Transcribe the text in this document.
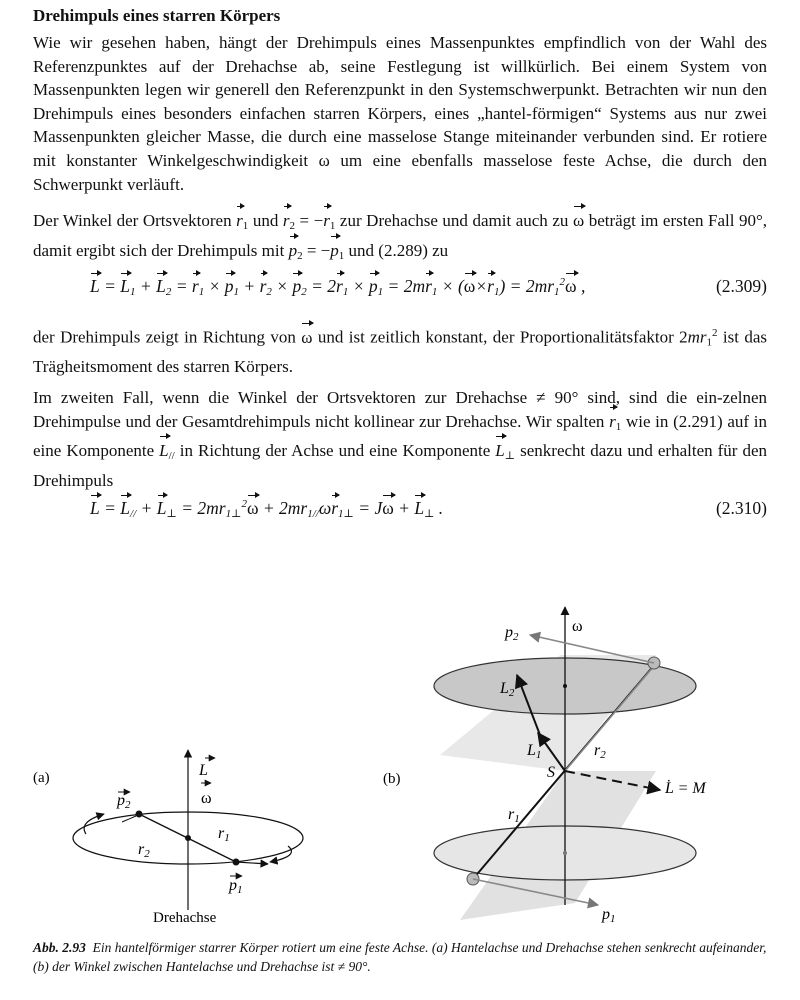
Drehimpuls eines starren Körpers
Wie wir gesehen haben, hängt der Drehimpuls eines Massenpunktes empfindlich von der Wahl des Referenzpunktes auf der Drehachse ab, seine Festlegung ist willkürlich. Bei einem System von Massenpunkten legen wir generell den Referenzpunkt in den Systemschwerpunkt. Betrachten wir nun den Drehimpuls eines besonders einfachen starren Körpers, eines „hantel-förmigen“ Systems aus nur zwei Massenpunkten gleicher Masse, die durch eine masselose Stange miteinander verbunden sind. Er rotiere mit konstanter Winkelgeschwindigkeit ω um eine ebenfalls masselose feste Achse, die durch den Schwerpunkt verläuft.
Der Winkel der Ortsvektoren $r_1$ und $r_2 = -r_1$ zur Drehachse und damit auch zu ω beträgt im ersten Fall 90°, damit ergibt sich der Drehimpuls mit $p_2 = -p_1$ und (2.289) zu
$L = L_1 + L_2 = r_1 \times p_1 + r_2 \times p_2 = 2r_1 \times p_1 = 2mr_1 \times (\omega\times r_1) = 2mr_1^2\omega$ ,	(2.309)
der Drehimpuls zeigt in Richtung von ω und ist zeitlich konstant, der Proportionalitätsfaktor $2mr_1^2$ ist das Trägheitsmoment des starren Körpers.
Im zweiten Fall, wenn die Winkel der Ortsvektoren zur Drehachse ≠ 90° sind, sind die ein-zelnen Drehimpulse und der Gesamtdrehimpuls nicht kollinear zur Drehachse. Wir spalten $r_1$ wie in (2.291) auf in eine Komponente $L_{//}$ in Richtung der Achse und eine Komponente $L_\perp$ senkrecht dazu und erhalten für den Drehimpuls
$L = L_{//} + L_\perp = 2mr_{1\perp}^2\omega + 2mr_{1//}\omega r_{1\perp} = J\omega + L_\perp$ .	(2.310)
(a)	L
ω
p2
r2
r1
p1
Drehachse
(b)
ω
p2
L2
L1	r2
S
L̇ = M
r1
p1
Abb. 2.93 Ein hantelförmiger starrer Körper rotiert um eine feste Achse. (a) Hantelachse und Drehachse stehen senkrecht aufeinander, (b) der Winkel zwischen Hantelachse und Drehachse ist ≠ 90°.
